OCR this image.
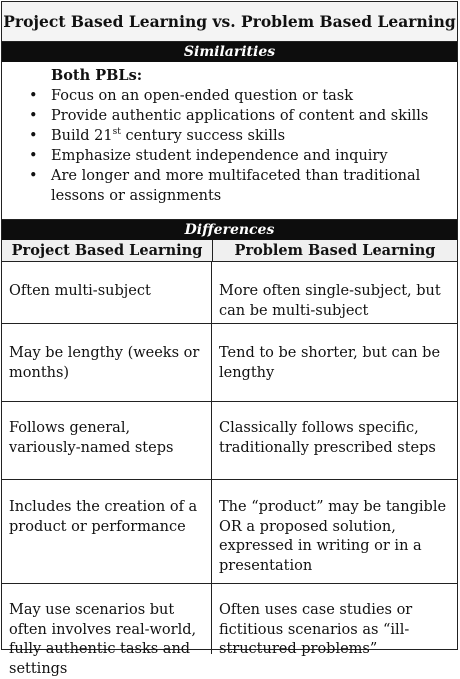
Project Based Learning vs. Problem Based Learning
Similarities
Both PBLs:
• Focus on an open-ended question or task
• Provide authentic applications of content and skills
• Build 21st century success skills
• Emphasize student independence and inquiry
• Are longer and more multifaceted than traditional lessons or assignments
Differences
Project Based Learning	Problem Based Learning
Often multi-subject	More often single-subject, but can be multi-subject
May be lengthy (weeks or months)
Tend to be shorter, but can be lengthy
Follows general, variously-named steps
Classically follows specific, traditionally prescribed steps
Includes the creation of a product or performance
The “product” may be tangible OR a proposed solution, expressed in writing or in a presentation
May use scenarios but often involves real-world, fully authentic tasks and settings
Often uses case studies or fictitious scenarios as “ill-structured problems”
